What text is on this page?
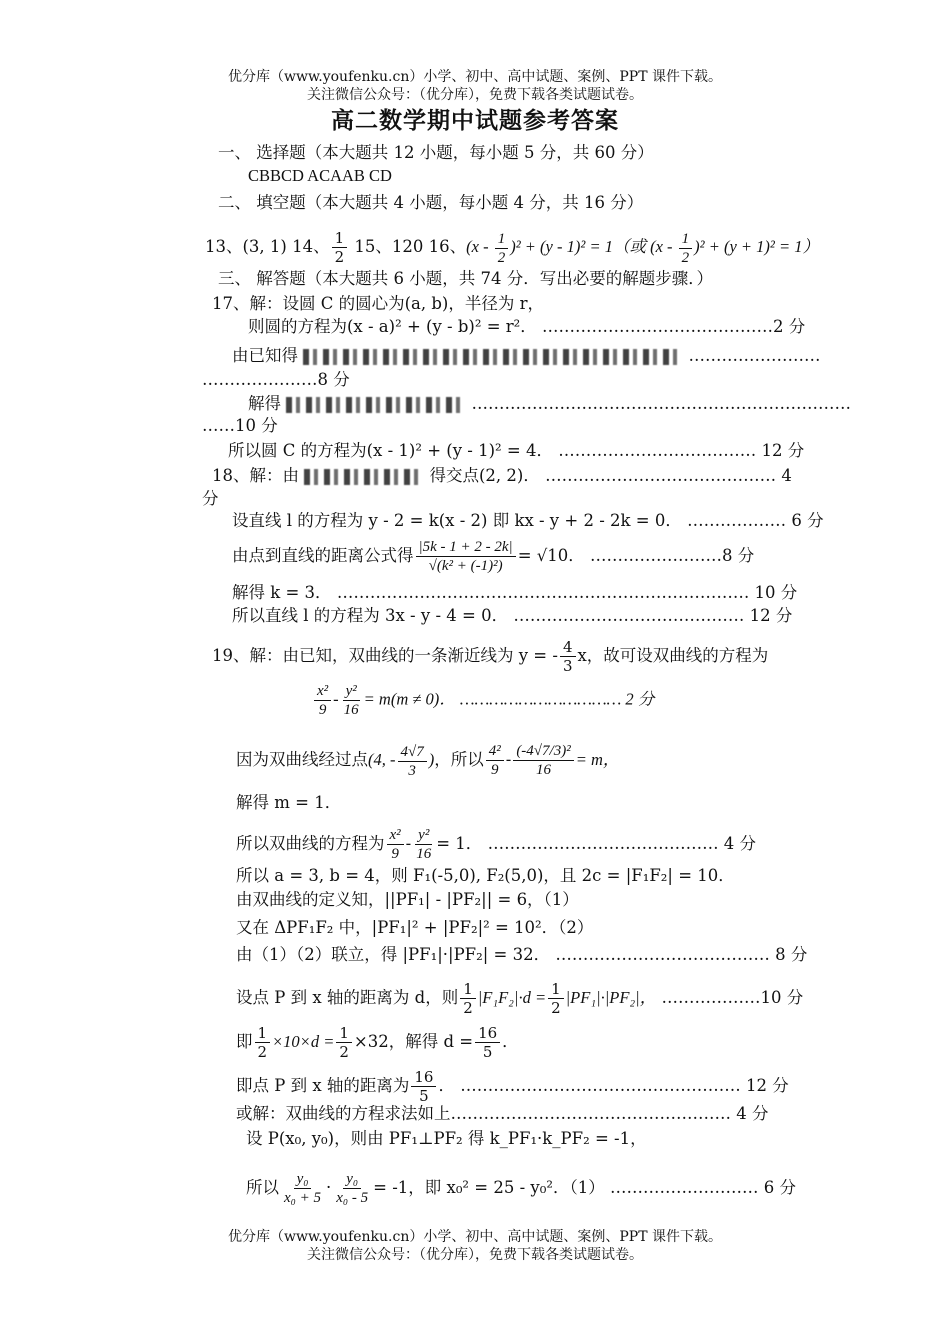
优分库（www.youfenku.cn）小学、初中、高中试题、案例、PPT 课件下载。
关注微信公众号：（优分库），免费下载各类试题试卷。
高二数学期中试题参考答案
一、 选择题（本大题共 12 小题，每小题 5 分，共 60 分）
CBBCD ACAAB CD
二、 填空题（本大题共 4 小题，每小题 4 分，共 16 分）
13、(3, 1) 14、 $\frac{1}{2} 15$、120 16、$(x - \frac{1}{2} )^2 + (y - 1)^2 = 1$（或 $(x - \frac{1}{2} )^2 + (y + 1)^2 = 1$）
三、 解答题（本大题共 6 小题，共 74 分．写出必要的解题步骤．）
17、解：设圆 C 的圆心为(a, b)，半径为 r，
则圆的方程为(x - a)² + (y - b)² = r²． ……………………………………2 分
由已知得	……………………
…………………8 分
解得	……………………………………………………………
……10 分
所以圆 C 的方程为(x - 1)² + (y - 1)² = 4． ……………………………… 12 分
18、解：由	得交点(2, 2)． …………………………………… 4
分
设直线 l 的方程为 y - 2 = k(x - 2) 即 kx - y + 2 - 2k = 0． ……………… 6 分
由点到直线的距离公式得 $\frac{|5k - 1 + 2 - 2k|}{\text{√(k² + (-1)²)}} = √10$． ……………………8 分
解得 k = 3． ………………………………………………………………… 10 分
所以直线 l 的方程为 3x - y - 4 = 0． …………………………………… 12 分
19、解：由已知，双曲线的一条渐近线为 y = - $\frac{4}{3}$ x，故可设双曲线的方程为
$\frac{\text{x²}}{9} - \frac{\text{y²}}{16} = m(m \ne 0)$． …………………………… 2 分
因为双曲线经过点(4, - $\frac{4√7}{3}$ )，所以 $\frac{\text{4²}}{9} - \frac{\text{(-4√7/3)²}}{16} = m$，
解得 m = 1．
所以双曲线的方程为 $\frac{\text{x²}}{9} - \frac{\text{y²}}{16} = 1$． …………………………………… 4 分
所以 a = 3, b = 4，则 F₁(-5,0), F₂(5,0)，且 2c = |F₁F₂| = 10．
由双曲线的定义知，||PF₁| - |PF₂|| = 6，（1）
又在 ΔPF₁F₂ 中，|PF₁|² + |PF₂|² = 10²．（2）
由（1）（2）联立，得 |PF₁|·|PF₂| = 32． ………………………………… 8 分
设点 P 到 x 轴的距离为 d，则 $\frac{1}{2} |F_1F_2|\cdot d = \frac{1}{2} |PF_1|\cdot|PF_2|$， ………………10 分
即 $\frac{1}{2} \times 10\times d = \frac{1}{2} \times 32$，解得 $d = \frac{16}{5}$ ．
即点 P 到 x 轴的距离为 $\frac{16}{5}$ ． …………………………………………… 12 分
或解：双曲线的方程求法如上…………………………………………… 4 分
设 P(x₀, y₀)，则由 PF₁⊥PF₂ 得 k_PF₁·k_PF₂ = -1，
所以 $\frac{\text{y₀}}{\text{x₀ + 5}} \cdot \frac{\text{y₀}}{\text{x₀ - 5}} = -1$，即 x₀² = 25 - y₀²．（1） ……………………… 6 分
优分库（www.youfenku.cn）小学、初中、高中试题、案例、PPT 课件下载。
关注微信公众号：（优分库），免费下载各类试题试卷。
